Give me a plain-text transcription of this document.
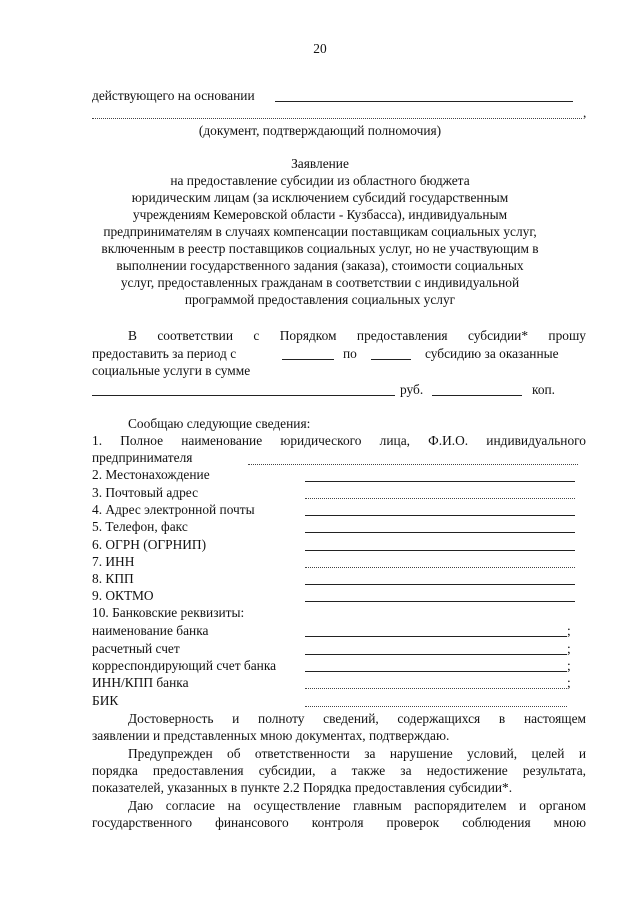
20
действующего на основании
,
(документ, подтверждающий полномочия)
Заявление
на предоставление субсидии из областного бюджета
юридическим лицам (за исключением субсидий государственным
учреждениям Кемеровской области - Кузбасса), индивидуальным
предпринимателям в случаях компенсации поставщикам социальных услуг,
включенным в реестр поставщиков социальных услуг, но не участвующим в
выполнении государственного задания (заказа), стоимости социальных
услуг, предоставленных гражданам в соответствии с индивидуальной
программой предоставления социальных услуг
В соответствии с Порядком предоставления субсидии* прошу
предоставить за период с	по	субсидию за оказанные
социальные услуги в сумме
руб.	коп.
Сообщаю следующие сведения:
1. Полное наименование юридического лица, Ф.И.О. индивидуального
предпринимателя
2. Местонахождение
3. Почтовый адрес
4. Адрес электронной почты
5. Телефон, факс
6. ОГРН (ОГРНИП)
7. ИНН
8. КПП
9. ОКТМО
10. Банковские реквизиты:
наименование банка	;
расчетный счет	;
корреспондирующий счет банка	;
ИНН/КПП банка	;
БИК
Достоверность и полноту сведений, содержащихся в настоящем
заявлении и представленных мною документах, подтверждаю.
Предупрежден об ответственности за нарушение условий, целей и
порядка предоставления субсидии, а также за недостижение результата,
показателей, указанных в пункте 2.2 Порядка предоставления субсидии*.
Даю согласие на осуществление главным распорядителем и органом
государственного финансового контроля проверок соблюдения мною
